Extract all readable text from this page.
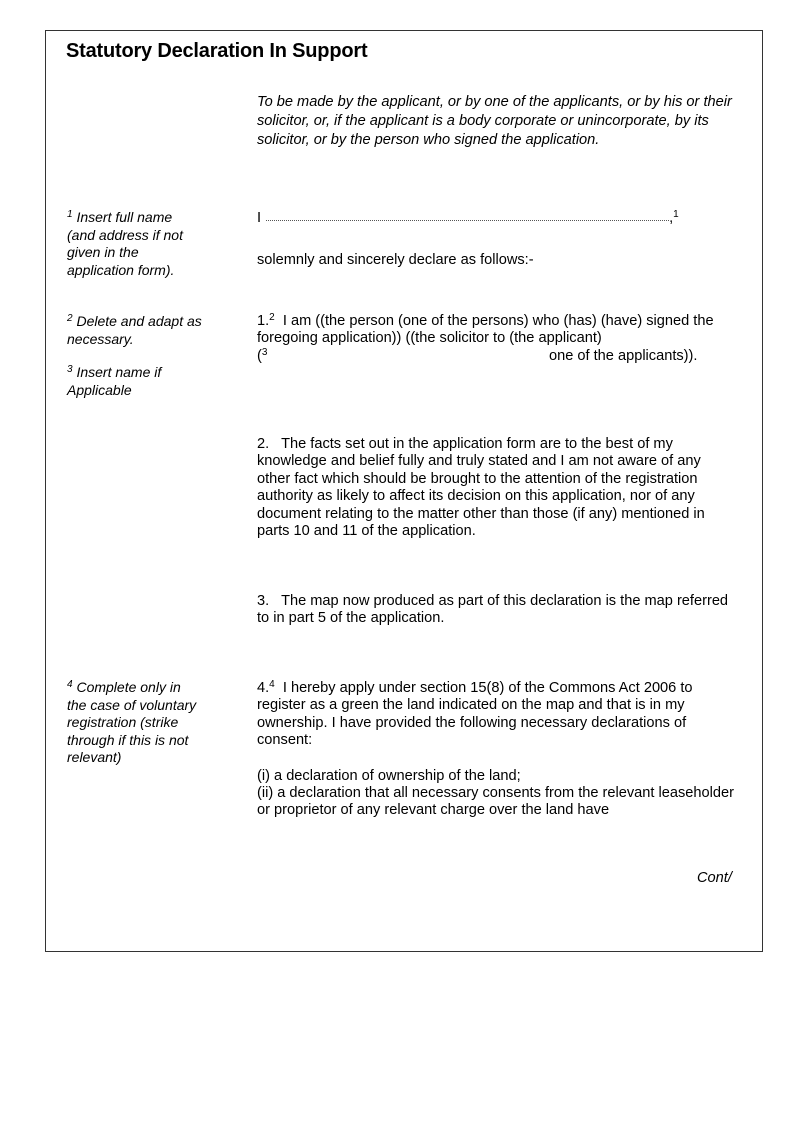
Statutory Declaration In Support
To be made by the applicant, or by one of the applicants, or by his or their solicitor, or, if the applicant is a body corporate or unincorporate, by its solicitor, or by the person who signed the application.
$^1$ Insert full name (and address if not given in the application form).
$^2$ Delete and adapt as necessary.
$^3$ Insert name if Applicable
$^4$ Complete only in the case of voluntary registration (strike through if this is not relevant)
I	,$^1$
solemnly and sincerely declare as follows:-
1.$^2$ I am ((the person (one of the persons) who (has) (have) signed the foregoing application)) ((the solicitor to (the applicant)
($^3$	one of the applicants)).
2. The facts set out in the application form are to the best of my knowledge and belief fully and truly stated and I am not aware of any other fact which should be brought to the attention of the registration authority as likely to affect its decision on this application, nor of any document relating to the matter other than those (if any) mentioned in parts 10 and 11 of the application.
3. The map now produced as part of this declaration is the map referred to in part 5 of the application.
4.$^4$ I hereby apply under section 15(8) of the Commons Act 2006 to register as a green the land indicated on the map and that is in my ownership. I have provided the following necessary declarations of consent:
(i) a declaration of ownership of the land;
(ii) a declaration that all necessary consents from the relevant leaseholder or proprietor of any relevant charge over the land have
Cont/
